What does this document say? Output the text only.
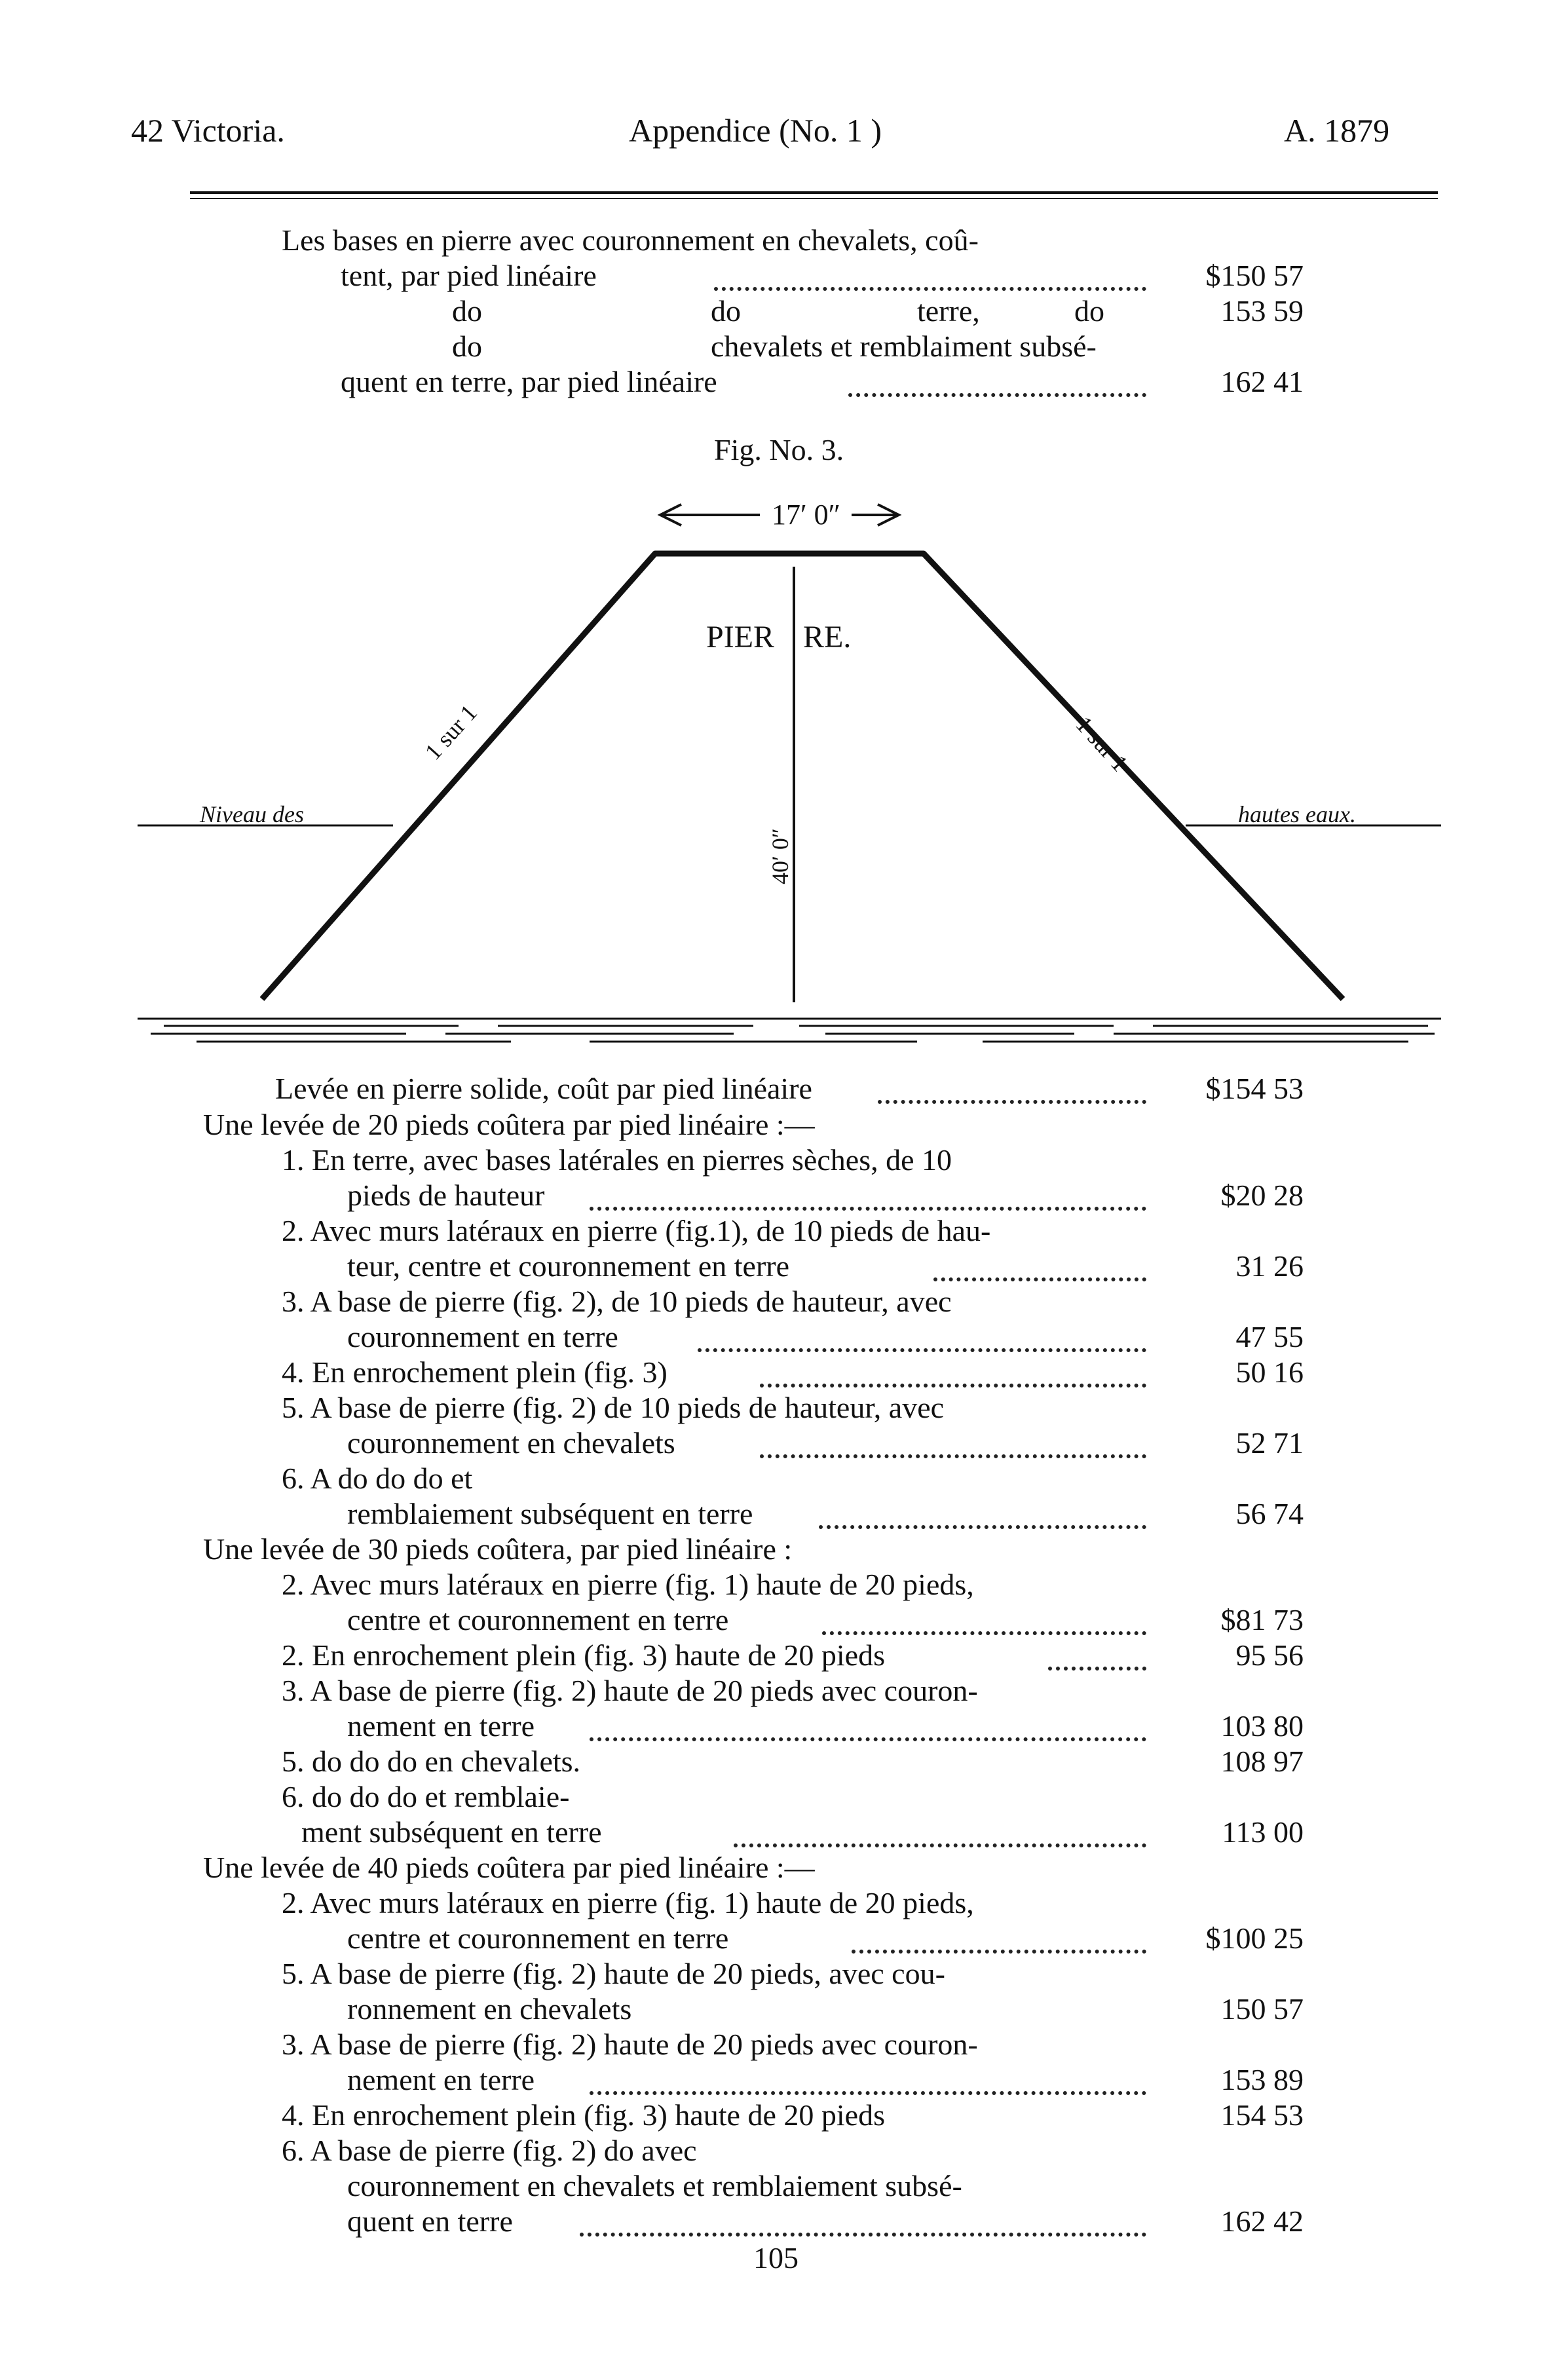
42 Victoria.	Appendice (No. 1 )	A. 1879
Les bases en pierre avec couronnement en chevalets, coû-
tent, par pied linéaire	$150 57
do	do	terre,	do	153 59
do	chevalets et remblaiment subsé-
quent en terre, par pied linéaire	162 41
Fig. No. 3.
17′ 0″
PIER RE.
1 sur 1	1 sur 1
40′ 0″
Niveau des	hautes eaux.
Levée en pierre solide, coût par pied linéaire	$154 53
Une levée de 20 pieds coûtera par pied linéaire :—
1. En terre, avec bases latérales en pierres sèches, de 10
pieds de hauteur	$20 28
2. Avec murs latéraux en pierre (fig.1), de 10 pieds de hau-
teur, centre et couronnement en terre	31 26
3. A base de pierre (fig. 2), de 10 pieds de hauteur, avec
couronnement en terre	47 55
4. En enrochement plein (fig. 3)	50 16
5. A base de pierre (fig. 2) de 10 pieds de hauteur, avec
couronnement en chevalets	52 71
6. A do do do et
remblaiement subséquent en terre	56 74
Une levée de 30 pieds coûtera, par pied linéaire :
2. Avec murs latéraux en pierre (fig. 1) haute de 20 pieds,
centre et couronnement en terre	$81 73
2. En enrochement plein (fig. 3) haute de 20 pieds	95 56
3. A base de pierre (fig. 2) haute de 20 pieds avec couron-
nement en terre	103 80
5. do do do en chevalets.	108 97
6. do do do et remblaie-
ment subséquent en terre	113 00
Une levée de 40 pieds coûtera par pied linéaire :—
2. Avec murs latéraux en pierre (fig. 1) haute de 20 pieds,
centre et couronnement en terre	$100 25
5. A base de pierre (fig. 2) haute de 20 pieds, avec cou-
ronnement en chevalets	150 57
3. A base de pierre (fig. 2) haute de 20 pieds avec couron-
nement en terre	153 89
4. En enrochement plein (fig. 3) haute de 20 pieds	154 53
6. A base de pierre (fig. 2) do avec
couronnement en chevalets et remblaiement subsé-
quent en terre	162 42
105
